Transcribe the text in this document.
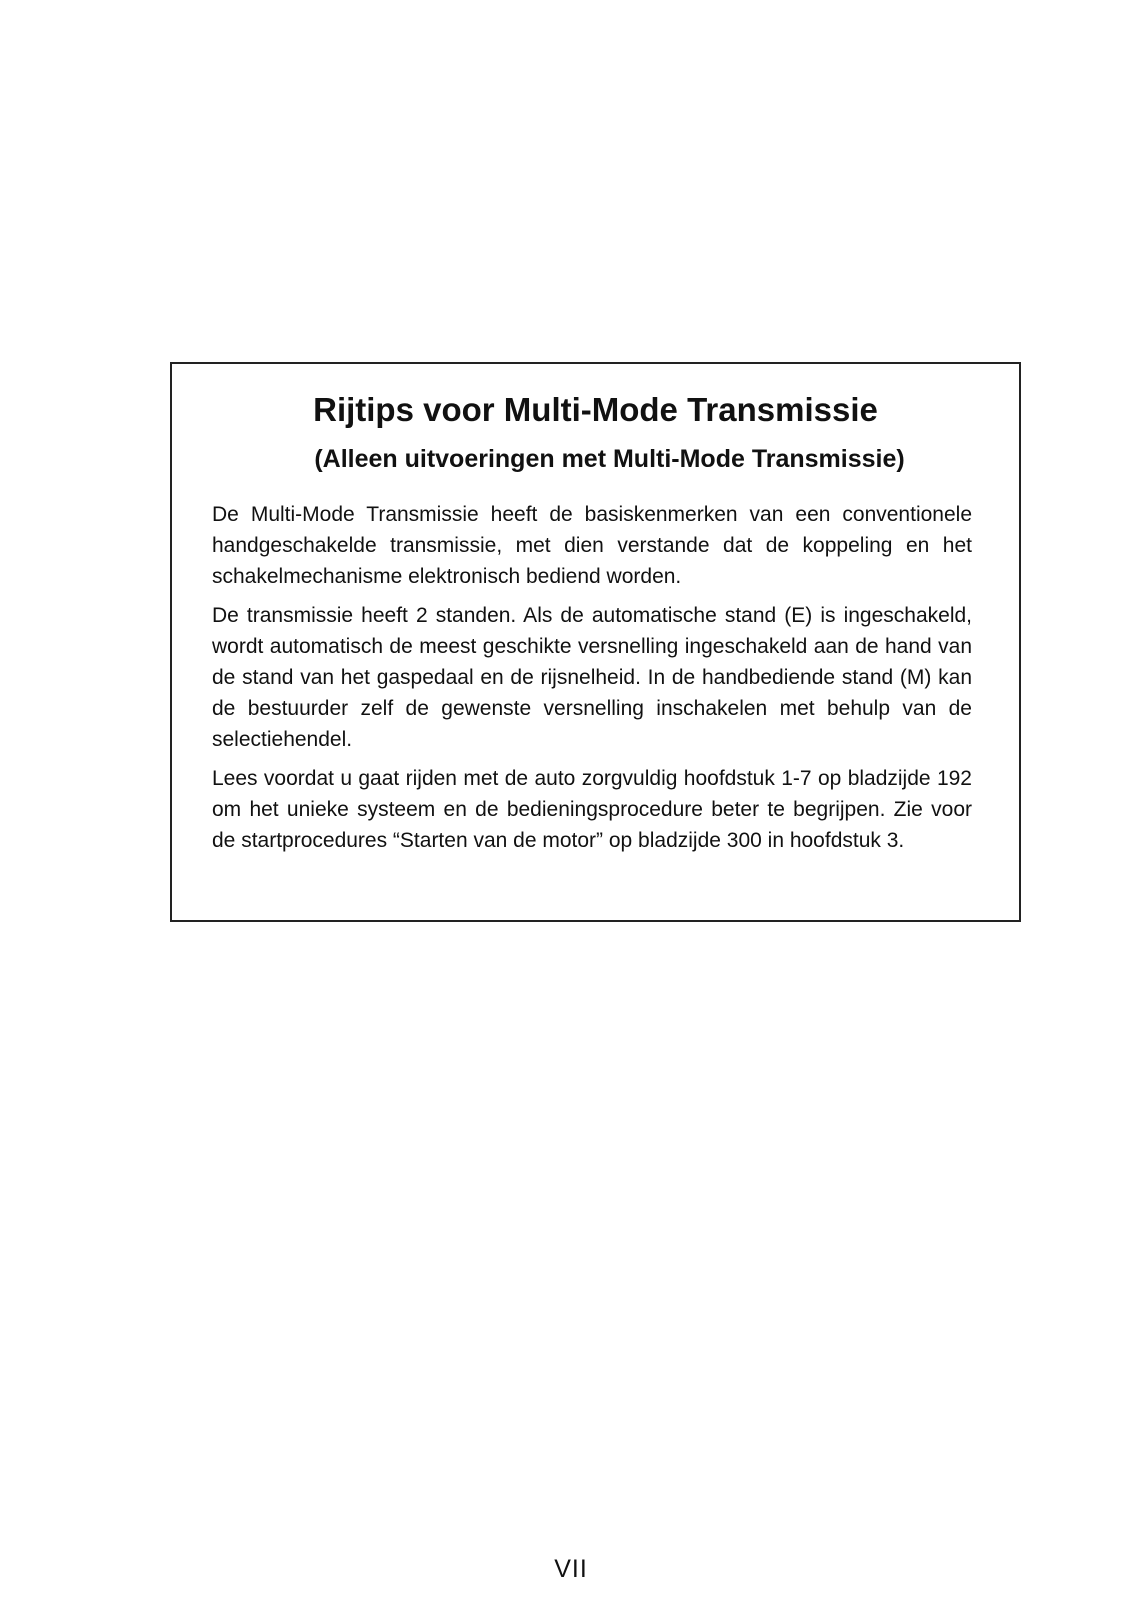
Rijtips voor Multi‑Mode Transmissie
(Alleen uitvoeringen met Multi‑Mode Transmissie)

De Multi‑Mode Transmissie heeft de basiskenmerken van een conventionele handgeschakelde transmissie, met dien verstande dat de koppeling en het schakelmechanisme elektronisch bediend worden.

De transmissie heeft 2 standen. Als de automatische stand (E) is ingeschakeld, wordt automatisch de meest geschikte versnelling ingeschakeld aan de hand van de stand van het gaspedaal en de rijsnelheid. In de handbediende stand (M) kan de bestuurder zelf de gewenste versnelling inschakelen met behulp van de selectiehendel.

Lees voordat u gaat rijden met de auto zorgvuldig hoofdstuk 1‑7 op bladzijde 192 om het unieke systeem en de bedieningsprocedure beter te begrijpen. Zie voor de startprocedures “Starten van de motor” op bladzijde 300 in hoofdstuk 3.

VII
